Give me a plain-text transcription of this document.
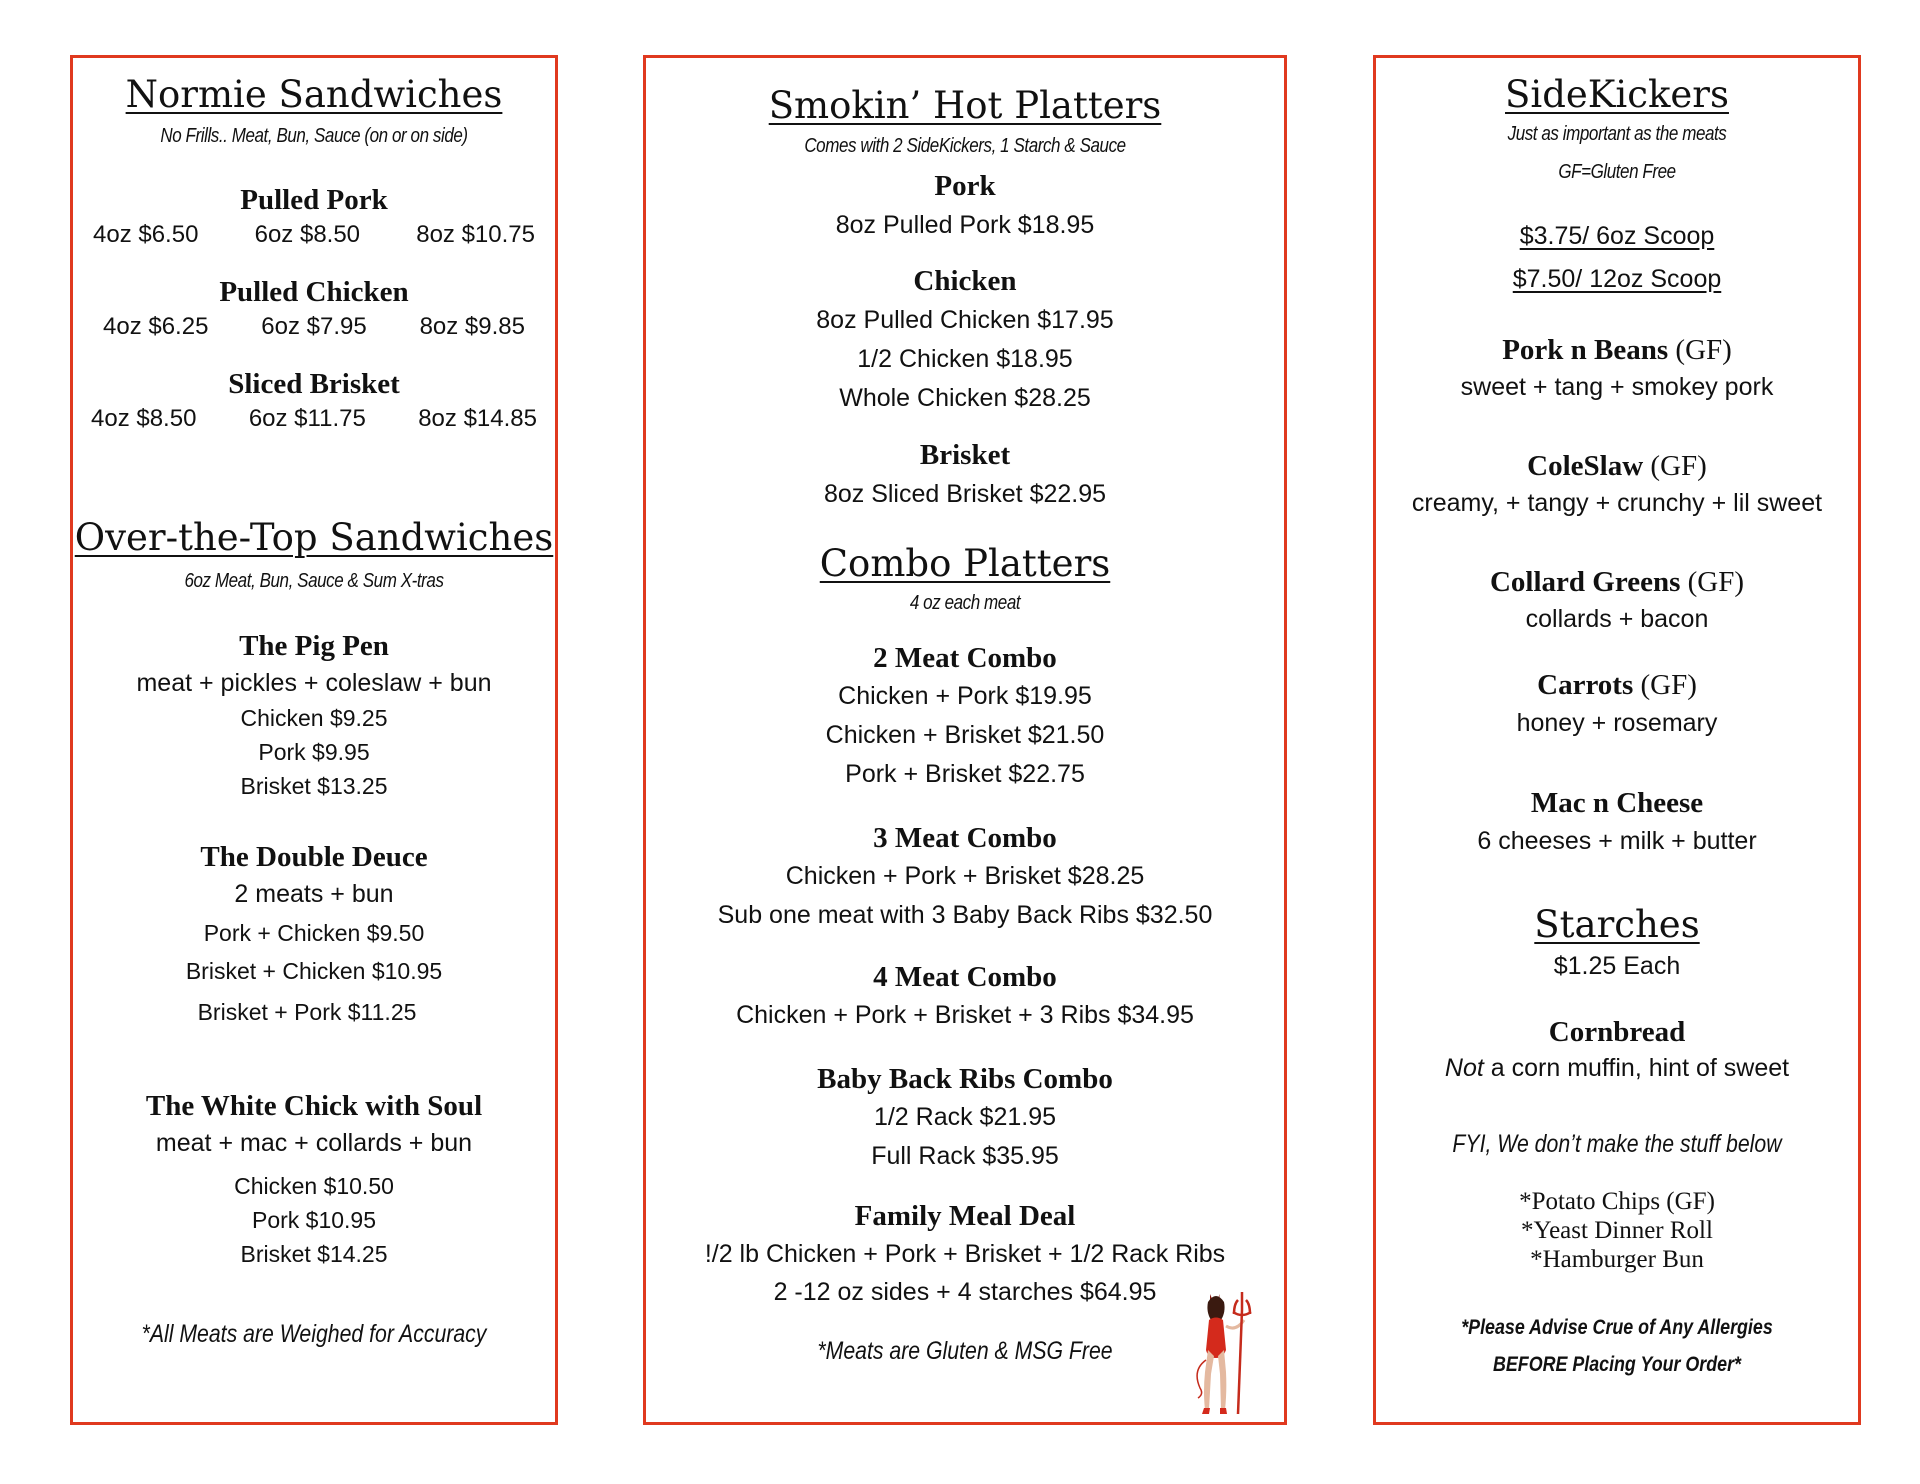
Normie Sandwiches
No Frills.. Meat, Bun, Sauce (on or on side)
Pulled Pork
4oz $6.50 6oz $8.50 8oz $10.75
Pulled Chicken
4oz $6.25 6oz $7.95 8oz $9.85
Sliced Brisket
4oz $8.50 6oz $11.75 8oz $14.85
Over-the-Top Sandwiches
6oz Meat, Bun, Sauce & Sum X-tras
The Pig Pen
meat + pickles + coleslaw + bun
Chicken $9.25
Pork $9.95
Brisket $13.25
The Double Deuce
2 meats + bun
Pork + Chicken $9.50
Brisket + Chicken $10.95
Brisket + Pork $11.25
The White Chick with Soul
meat + mac + collards + bun
Chicken $10.50
Pork $10.95
Brisket $14.25
*All Meats are Weighed for Accuracy
Smokin’ Hot Platters
Comes with 2 SideKickers, 1 Starch & Sauce
Pork
8oz Pulled Pork $18.95
Chicken
8oz Pulled Chicken $17.95
1/2 Chicken $18.95
Whole Chicken $28.25
Brisket
8oz Sliced Brisket $22.95
Combo Platters
4 oz each meat
2 Meat Combo
Chicken + Pork $19.95
Chicken + Brisket $21.50
Pork + Brisket $22.75
3 Meat Combo
Chicken + Pork + Brisket $28.25
Sub one meat with 3 Baby Back Ribs $32.50
4 Meat Combo
Chicken + Pork + Brisket + 3 Ribs $34.95
Baby Back Ribs Combo
1/2 Rack $21.95
Full Rack $35.95
Family Meal Deal
!/2 lb Chicken + Pork + Brisket + 1/2 Rack Ribs
2 -12 oz sides + 4 starches $64.95
*Meats are Gluten & MSG Free
SideKickers
Just as important as the meats
GF=Gluten Free
$3.75/ 6oz Scoop
$7.50/ 12oz Scoop
Pork n Beans (GF)
sweet + tang + smokey pork
ColeSlaw (GF)
creamy, + tangy + crunchy + lil sweet
Collard Greens (GF)
collards + bacon
Carrots (GF)
honey + rosemary
Mac n Cheese
6 cheeses + milk + butter
Starches
$1.25 Each
Cornbread
Not a corn muffin, hint of sweet
FYI, We don’t make the stuff below
*Potato Chips (GF)
*Yeast Dinner Roll
*Hamburger Bun
*Please Advise Crue of Any Allergies
BEFORE Placing Your Order*
